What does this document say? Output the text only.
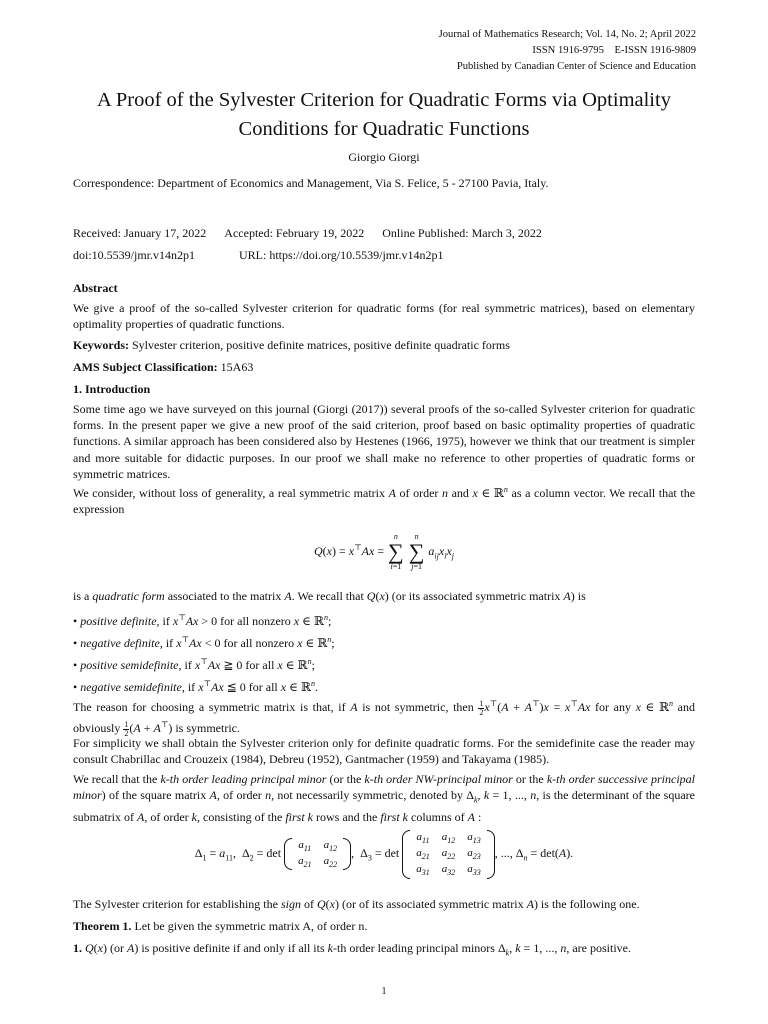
Journal of Mathematics Research; Vol. 14, No. 2; April 2022
ISSN 1916-9795    E-ISSN 1916-9809
Published by Canadian Center of Science and Education
A Proof of the Sylvester Criterion for Quadratic Forms via Optimality
Conditions for Quadratic Functions
Giorgio Giorgi
Correspondence: Department of Economics and Management, Via S. Felice, 5 - 27100 Pavia, Italy.
Received: January 17, 2022 Accepted: February 19, 2022 Online Published: March 3, 2022
doi:10.5539/jmr.v14n2p1	URL: https://doi.org/10.5539/jmr.v14n2p1
Abstract
We give a proof of the so-called Sylvester criterion for quadratic forms (for real symmetric matrices), based on elementary optimality properties of quadratic functions.
Keywords: Sylvester criterion, positive definite matrices, positive definite quadratic forms
AMS Subject Classification: 15A63
1. Introduction
Some time ago we have surveyed on this journal (Giorgi (2017)) several proofs of the so-called Sylvester criterion for quadratic forms. In the present paper we give a new proof of the said criterion, proof based on basic optimality properties of quadratic functions. A similar approach has been considered also by Hestenes (1966, 1975), however we think that our treatment is simpler and more suitable for didactic purposes. In our proof we shall make no reference to other properties of quadratic forms or symmetric matrices.
We consider, without loss of generality, a real symmetric matrix A of order n and x ∈ ℝ$^n$ as a column vector. We recall that the expression
Q(x) = x⊤Ax =
n
∑
i=1

n
∑
j=1
$a_{ij}x_ix_j$
is a quadratic form associated to the matrix A. We recall that Q(x) (or its associated symmetric matrix A) is
• positive definite, if x⊤Ax > 0 for all nonzero x ∈ ℝ$^n$;
• negative definite, if x⊤Ax < 0 for all nonzero x ∈ ℝ$^n$;
• positive semidefinite, if x⊤Ax ≧ 0 for all x ∈ ℝ$^n$;
• negative semidefinite, if x⊤Ax ≦ 0 for all x ∈ ℝ$^n$.
The reason for choosing a symmetric matrix is that, if A is not symmetric, then $\frac{1}{2} x^⊤(A + A^⊤)x = x^⊤Ax$ for any x ∈ ℝ$^n$ and obviously $\frac{1}{2} (A + A^⊤)$ is symmetric.
For simplicity we shall obtain the Sylvester criterion only for definite quadratic forms. For the semidefinite case the reader may consult Chabrillac and Crouzeix (1984), Debreu (1952), Gantmacher (1959) and Takayama (1985).
We recall that the k-th order leading principal minor (or the k-th order NW-principal minor or the k-th order successive principal minor) of the square matrix A, of order n, not necessarily symmetric, denoted by $\Delta_k$, k = 1, ..., n, is the determinant of the square submatrix of A, of order k, consisting of the first k rows and the first k columns of A :
$\Delta_1 = a_{11}$,  $\Delta_2 = \det$
$a_{11}$	$a_{12}$
$a_{21}$	$a_{22}$
,  $\Delta_3 = \det$
$a_{11}$	$a_{12}$	$a_{13}$
$a_{21}$	$a_{22}$	$a_{23}$
$a_{31}$	$a_{32}$	$a_{33}$
, ..., $\Delta_n = \det(A)$.
The Sylvester criterion for establishing the sign of Q(x) (or of its associated symmetric matrix A) is the following one.
Theorem 1. Let be given the symmetric matrix A, of order n.
1. Q(x) (or A) is positive definite if and only if all its k-th order leading principal minors $\Delta_k$, k = 1, ..., n, are positive.
1
